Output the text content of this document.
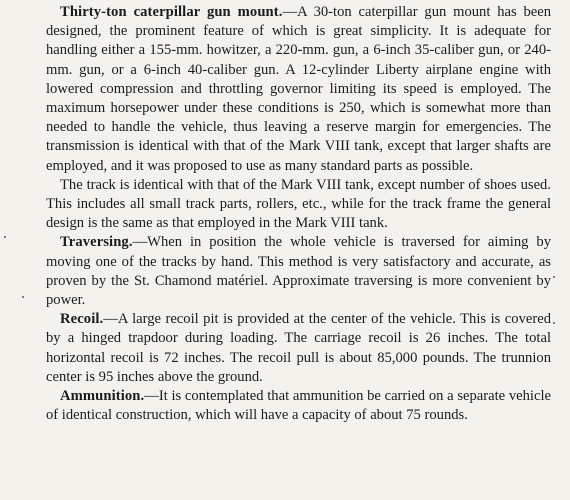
Thirty-ton caterpillar gun mount.—A 30-ton caterpillar gun mount has been designed, the prominent feature of which is great simplicity. It is adequate for handling either a 155-mm. howitzer, a 220-mm. gun, a 6-inch 35-caliber gun, or 240-mm. gun, or a 6-inch 40-caliber gun. A 12-cylinder Liberty airplane engine with lowered compression and throttling governor limiting its speed is employed. The maximum horsepower under these conditions is 250, which is somewhat more than needed to handle the vehicle, thus leaving a reserve margin for emergencies. The transmission is identical with that of the Mark VIII tank, except that larger shafts are employed, and it was proposed to use as many standard parts as possible.

The track is identical with that of the Mark VIII tank, except number of shoes used. This includes all small track parts, rollers, etc., while for the track frame the general design is the same as that employed in the Mark VIII tank.

Traversing.—When in position the whole vehicle is traversed for aiming by moving one of the tracks by hand. This method is very satisfactory and accurate, as proven by the St. Chamond matériel. Approximate traversing is more convenient by power.

Recoil.—A large recoil pit is provided at the center of the vehicle. This is covered by a hinged trapdoor during loading. The carriage recoil is 26 inches. The total horizontal recoil is 72 inches. The recoil pull is about 85,000 pounds. The trunnion center is 95 inches above the ground.

Ammunition.—It is contemplated that ammunition be carried on a separate vehicle of identical construction, which will have a capacity of about 75 rounds.
